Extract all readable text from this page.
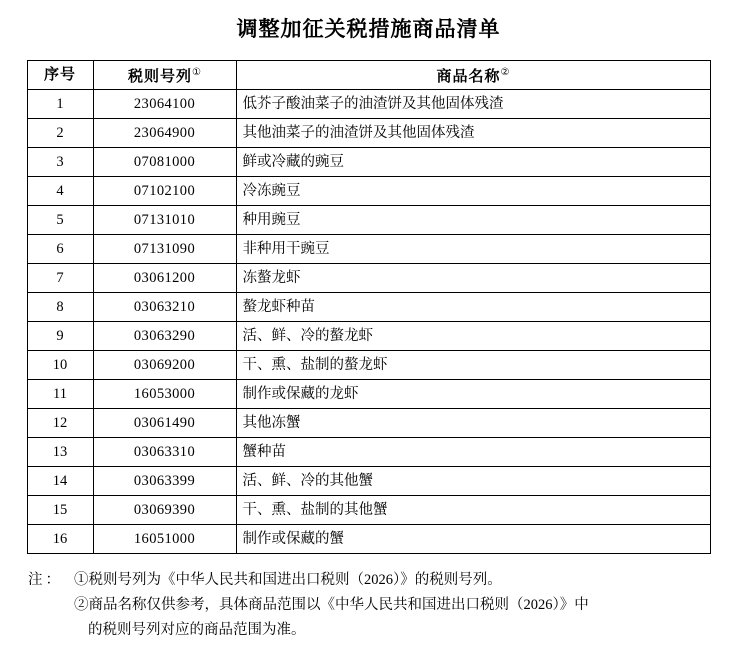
调整加征关税措施商品清单
序号	税则号列①	商品名称②
1	23064100	低芥子酸油菜子的油渣饼及其他固体残渣
2	23064900	其他油菜子的油渣饼及其他固体残渣
3	07081000	鲜或冷藏的豌豆
4	07102100	冷冻豌豆
5	07131010	种用豌豆
6	07131090	非种用干豌豆
7	03061200	冻螯龙虾
8	03063210	螯龙虾种苗
9	03063290	活、鲜、冷的螯龙虾
10	03069200	干、熏、盐制的螯龙虾
11	16053000	制作或保藏的龙虾
12	03061490	其他冻蟹
13	03063310	蟹种苗
14	03063399	活、鲜、冷的其他蟹
15	03069390	干、熏、盐制的其他蟹
16	16051000	制作或保藏的蟹
注： ①税则号列为《中华人民共和国进出口税则（2026）》的税则号列。
②商品名称仅供参考，具体商品范围以《中华人民共和国进出口税则（2026）》中
的税则号列对应的商品范围为准。
